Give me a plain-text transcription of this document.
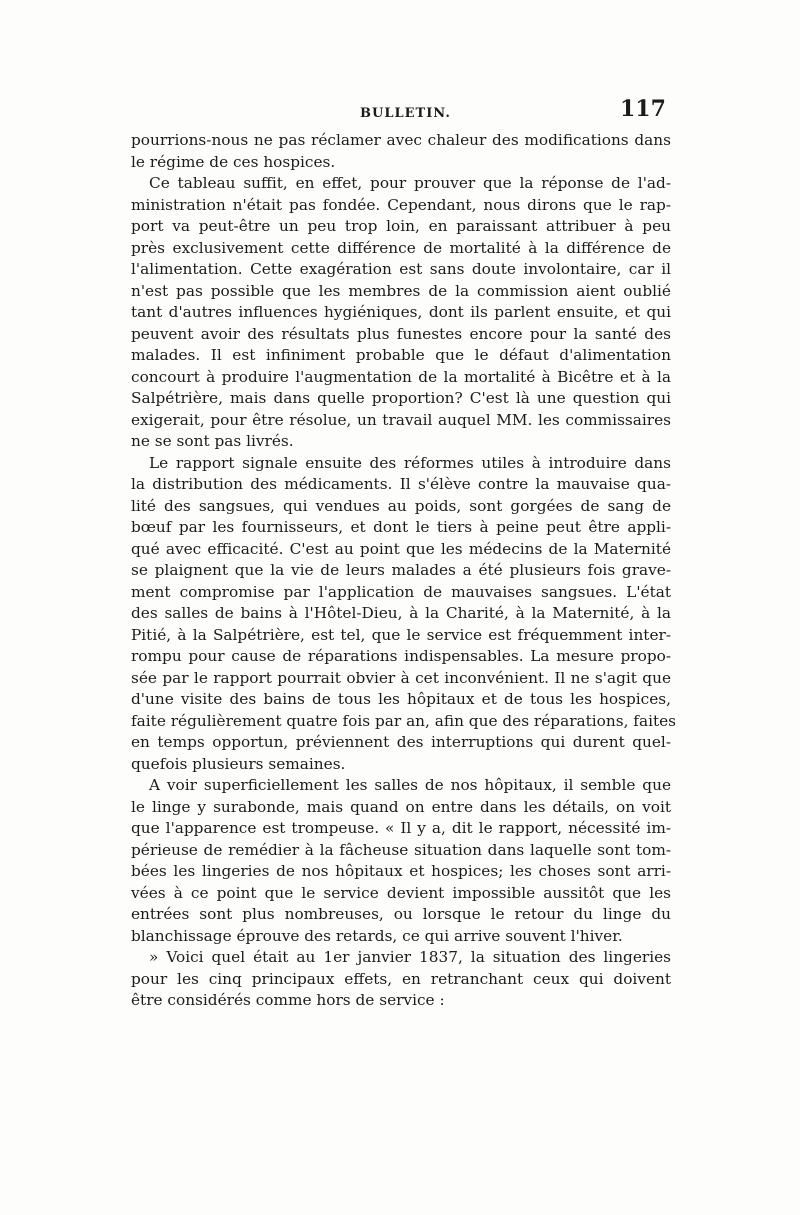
BULLETIN.	117
pourrions-nous ne pas réclamer avec chaleur des modifications dans
le régime de ces hospices.
Ce tableau suffit, en effet, pour prouver que la réponse de l'ad-
ministration n'était pas fondée. Cependant, nous dirons que le rap-
port va peut-être un peu trop loin, en paraissant attribuer à peu
près exclusivement cette différence de mortalité à la différence de
l'alimentation. Cette exagération est sans doute involontaire, car il
n'est pas possible que les membres de la commission aient oublié
tant d'autres influences hygiéniques, dont ils parlent ensuite, et qui
peuvent avoir des résultats plus funestes encore pour la santé des
malades. Il est infiniment probable que le défaut d'alimentation
concourt à produire l'augmentation de la mortalité à Bicêtre et à la
Salpétrière, mais dans quelle proportion? C'est là une question qui
exigerait, pour être résolue, un travail auquel MM. les commissaires
ne se sont pas livrés.
Le rapport signale ensuite des réformes utiles à introduire dans
la distribution des médicaments. Il s'élève contre la mauvaise qua-
lité des sangsues, qui vendues au poids, sont gorgées de sang de
bœuf par les fournisseurs, et dont le tiers à peine peut être appli-
qué avec efficacité. C'est au point que les médecins de la Maternité
se plaignent que la vie de leurs malades a été plusieurs fois grave-
ment compromise par l'application de mauvaises sangsues. L'état
des salles de bains à l'Hôtel-Dieu, à la Charité, à la Maternité, à la
Pitié, à la Salpétrière, est tel, que le service est fréquemment inter-
rompu pour cause de réparations indispensables. La mesure propo-
sée par le rapport pourrait obvier à cet inconvénient. Il ne s'agit que
d'une visite des bains de tous les hôpitaux et de tous les hospices,
faite régulièrement quatre fois par an, afin que des réparations, faites
en temps opportun, préviennent des interruptions qui durent quel-
quefois plusieurs semaines.
A voir superficiellement les salles de nos hôpitaux, il semble que
le linge y surabonde, mais quand on entre dans les détails, on voit
que l'apparence est trompeuse. « Il y a, dit le rapport, nécessité im-
périeuse de remédier à la fâcheuse situation dans laquelle sont tom-
bées les lingeries de nos hôpitaux et hospices; les choses sont arri-
vées à ce point que le service devient impossible aussitôt que les
entrées sont plus nombreuses, ou lorsque le retour du linge du
blanchissage éprouve des retards, ce qui arrive souvent l'hiver.
» Voici quel était au 1er janvier 1837, la situation des lingeries
pour les cinq principaux effets, en retranchant ceux qui doivent
être considérés comme hors de service :
